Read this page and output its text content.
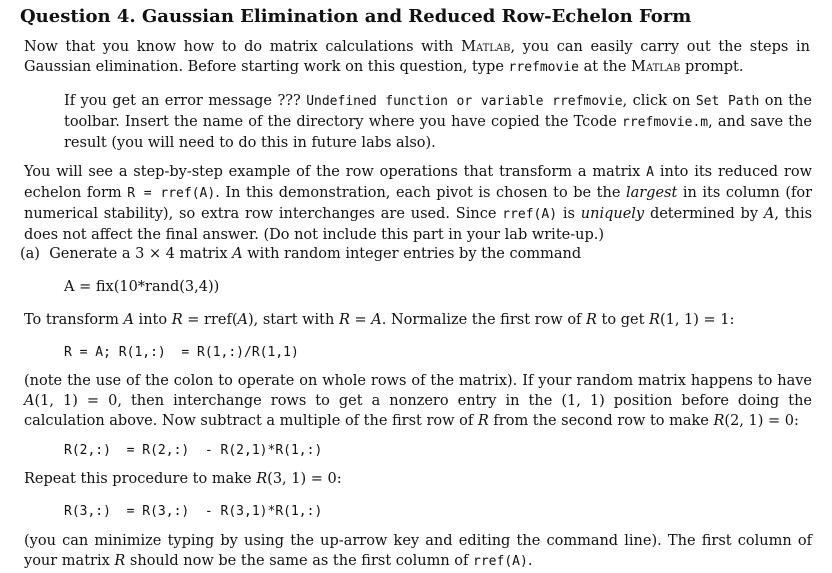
Question 4. Gaussian Elimination and Reduced Row-Echelon Form

Now that you know how to do matrix calculations with Matlab, you can easily carry out the steps in Gaussian elimination. Before starting work on this question, type rrefmovie at the Matlab prompt.

If you get an error message ??? Undefined function or variable rrefmovie, click on Set Path on the toolbar. Insert the name of the directory where you have copied the Tcode rrefmovie.m, and save the result (you will need to do this in future labs also).

You will see a step-by-step example of the row operations that transform a matrix A into its reduced row echelon form R = rref(A). In this demonstration, each pivot is chosen to be the largest in its column (for numerical stability), so extra row interchanges are used. Since rref(A) is uniquely determined by A, this does not affect the final answer. (Do not include this part in your lab write-up.)

(a) Generate a 3 × 4 matrix A with random integer entries by the command
A = fix(10*rand(3,4))
To transform A into R = rref(A), start with R = A. Normalize the first row of R to get R(1, 1) = 1:
R = A; R(1,:)  = R(1,:)/R(1,1)

(note the use of the colon to operate on whole rows of the matrix). If your random matrix happens to have A(1, 1) = 0, then interchange rows to get a nonzero entry in the (1, 1) position before doing the calculation above. Now subtract a multiple of the first row of R from the second row to make R(2, 1) = 0:

R(2,:)  = R(2,:)  - R(2,1)*R(1,:)
Repeat this procedure to make R(3, 1) = 0:
R(3,:)  = R(3,:)  - R(3,1)*R(1,:)

(you can minimize typing by using the up-arrow key and editing the command line). The first column of your matrix R should now be the same as the first column of rref(A).
